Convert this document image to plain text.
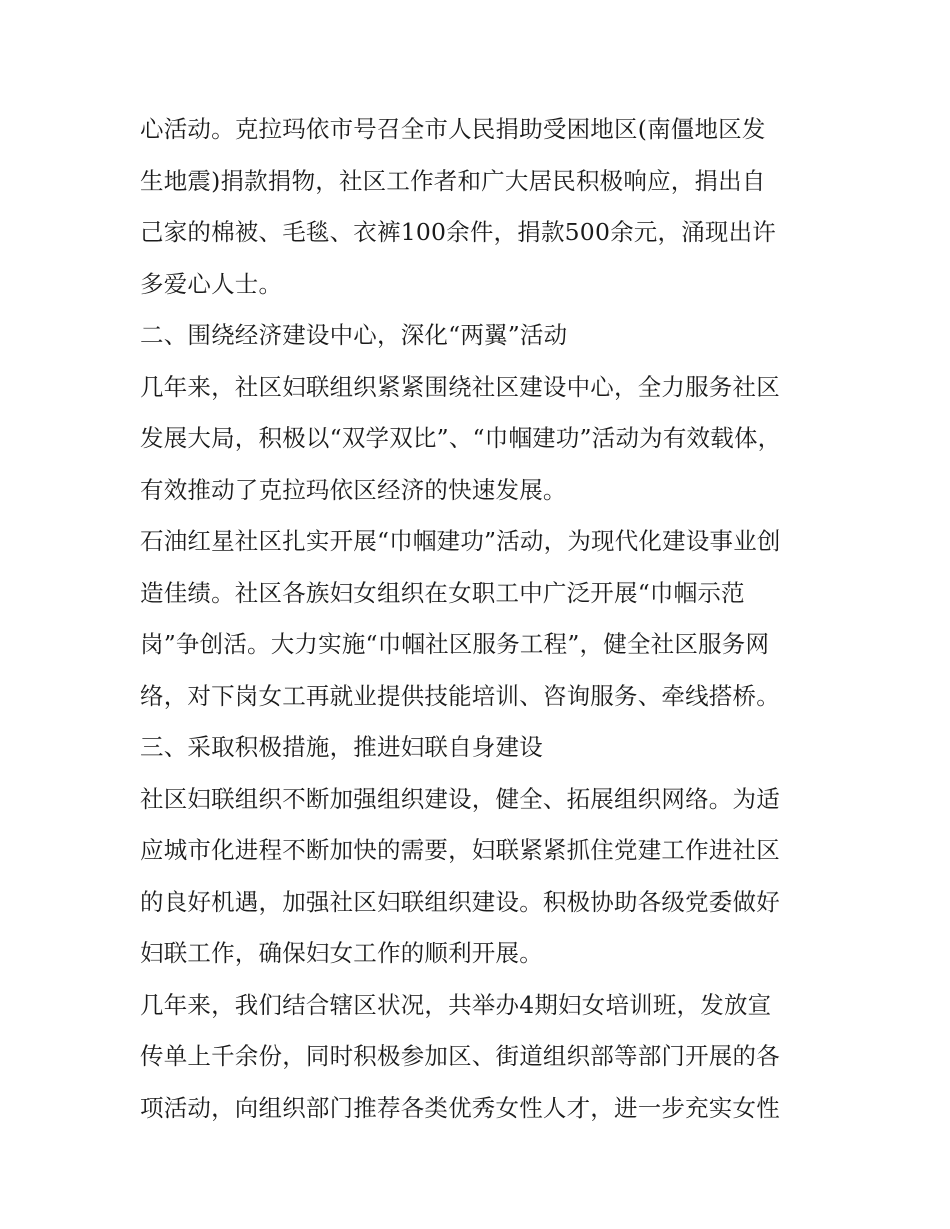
心活动。克拉玛依市号召全市人民捐助受困地区(南僵地区发
生地震)捐款捐物，社区工作者和广大居民积极响应，捐出自
己家的棉被、毛毯、衣裤100余件，捐款500余元，涌现出许
多爱心人士。
二、围绕经济建设中心，深化“两翼”活动
几年来，社区妇联组织紧紧围绕社区建设中心，全力服务社区
发展大局，积极以“双学双比”、“巾帼建功”活动为有效载体，
有效推动了克拉玛依区经济的快速发展。
石油红星社区扎实开展“巾帼建功”活动，为现代化建设事业创
造佳绩。社区各族妇女组织在女职工中广泛开展“巾帼示范
岗”争创活。大力实施“巾帼社区服务工程”，健全社区服务网
络，对下岗女工再就业提供技能培训、咨询服务、牵线搭桥。
三、采取积极措施，推进妇联自身建设
社区妇联组织不断加强组织建设，健全、拓展组织网络。为适
应城市化进程不断加快的需要，妇联紧紧抓住党建工作进社区
的良好机遇，加强社区妇联组织建设。积极协助各级党委做好
妇联工作，确保妇女工作的顺利开展。
几年来，我们结合辖区状况，共举办4期妇女培训班，发放宣
传单上千余份，同时积极参加区、街道组织部等部门开展的各
项活动，向组织部门推荐各类优秀女性人才，进一步充实女性
